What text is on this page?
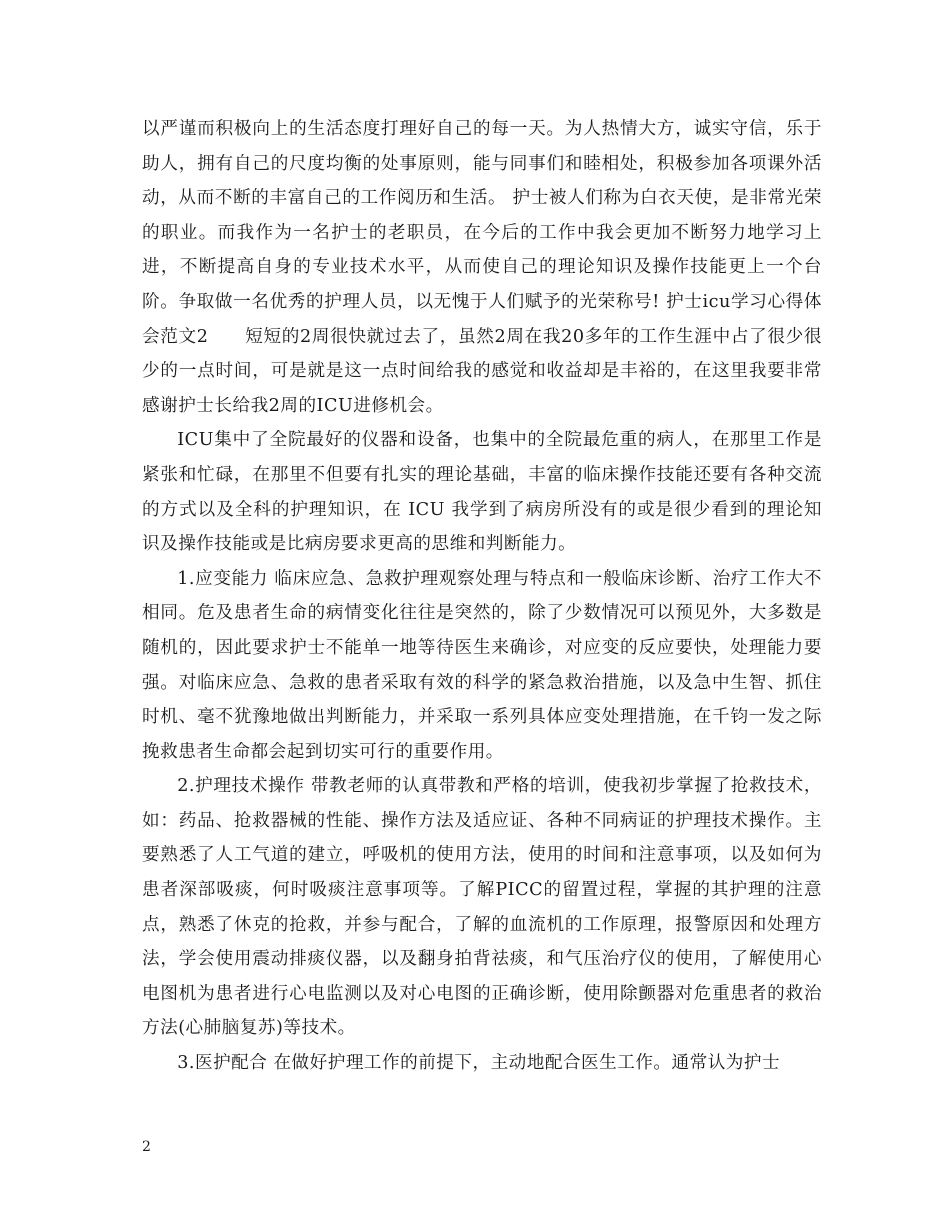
以严谨而积极向上的生活态度打理好自己的每一天。为人热情大方，诚实守信，乐于助人，拥有自己的尺度均衡的处事原则，能与同事们和睦相处，积极参加各项课外活动，从而不断的丰富自己的工作阅历和生活。 护士被人们称为白衣天使，是非常光荣的职业。而我作为一名护士的老职员，在今后的工作中我会更加不断努力地学习上进，不断提高自身的专业技术水平，从而使自己的理论知识及操作技能更上一个台阶。争取做一名优秀的护理人员，以无愧于人们赋予的光荣称号! 护士icu学习心得体会范文2　　短短的2周很快就过去了，虽然2周在我20多年的工作生涯中占了很少很少的一点时间，可是就是这一点时间给我的感觉和收益却是丰裕的，在这里我要非常感谢护士长给我2周的ICU进修机会。

ICU集中了全院最好的仪器和设备，也集中的全院最危重的病人，在那里工作是紧张和忙碌，在那里不但要有扎实的理论基础，丰富的临床操作技能还要有各种交流的方式以及全科的护理知识，在 ICU 我学到了病房所没有的或是很少看到的理论知识及操作技能或是比病房要求更高的思维和判断能力。

1.应变能力 临床应急、急救护理观察处理与特点和一般临床诊断、治疗工作大不相同。危及患者生命的病情变化往往是突然的，除了少数情况可以预见外，大多数是随机的，因此要求护士不能单一地等待医生来确诊，对应变的反应要快，处理能力要强。对临床应急、急救的患者采取有效的科学的紧急救治措施，以及急中生智、抓住时机、毫不犹豫地做出判断能力，并采取一系列具体应变处理措施，在千钧一发之际挽救患者生命都会起到切实可行的重要作用。

2.护理技术操作 带教老师的认真带教和严格的培训，使我初步掌握了抢救技术，如：药品、抢救器械的性能、操作方法及适应证、各种不同病证的护理技术操作。主要熟悉了人工气道的建立，呼吸机的使用方法，使用的时间和注意事项，以及如何为患者深部吸痰，何时吸痰注意事项等。了解PICC的留置过程，掌握的其护理的注意点，熟悉了休克的抢救，并参与配合，了解的血流机的工作原理，报警原因和处理方法，学会使用震动排痰仪器，以及翻身拍背祛痰，和气压治疗仪的使用，了解使用心电图机为患者进行心电监测以及对心电图的正确诊断，使用除颤器对危重患者的救治方法(心肺脑复苏)等技术。

3.医护配合 在做好护理工作的前提下，主动地配合医生工作。通常认为护士

2
